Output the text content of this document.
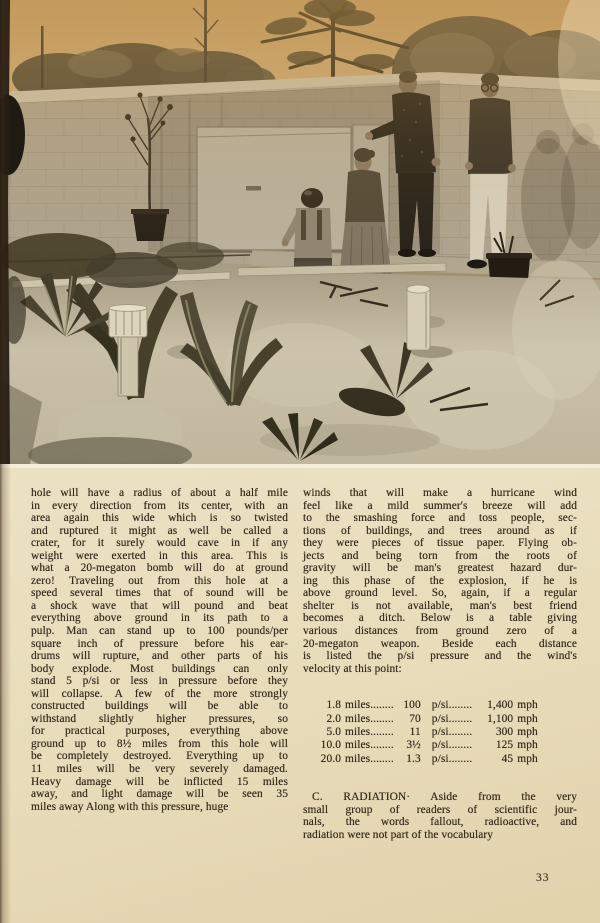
hole will have a radius of about a half mile
in every direction from its center, with an
area again this wide which is so twisted
and ruptured it might as well be called a
crater, for it surely would cave in if any
weight were exerted in this area. This is
what a 20-megaton bomb will do at ground
zero! Traveling out from this hole at a
speed several times that of sound will be
a shock wave that will pound and beat
everything above ground in its path to a
pulp. Man can stand up to 100 pounds/per
square inch of pressure before his ear-
drums will rupture, and other parts of his
body explode. Most buildings can only
stand 5 p/si or less in pressure before they
will collapse. A few of the more strongly
constructed buildings will be able to
withstand slightly higher pressures, so
for practical purposes, everything above
ground up to 8½ miles from this hole will
be completely destroyed. Everything up to
11 miles will be very severely damaged.
Heavy damage will be inflicted 15 miles
away, and light damage will be seen 35
miles away Along with this pressure, huge
winds that will make a hurricane wind
feel like a mild summer's breeze will add
to the smashing force and toss people, sec-
tions of buildings, and trees around as if
they were pieces of tissue paper. Flying ob-
jects and being torn from the roots of
gravity will be man's greatest hazard dur-
ing this phase of the explosion, if he is
above ground level. So, again, if a regular
shelter is not available, man's best friend
becomes a ditch. Below is a table giving
various distances from ground zero of a
20-megaton weapon. Beside each distance
is listed the p/si pressure and the wind's
velocity at this point:
1.8 miles ........ 100 p/si ........	1,400 mph
2.0 miles ........	70 p/si ........	1,100 mph
5.0 miles ........	11 p/si ........	300 mph
10.0 miles ........	3½ p/si ........	125 mph
20.0 miles ........	1.3 p/si ........	45 mph
C. RADIATION· Aside from the very
small group of readers of scientific jour-
nals, the words fallout, radioactive, and
radiation were not part of the vocabulary
33
